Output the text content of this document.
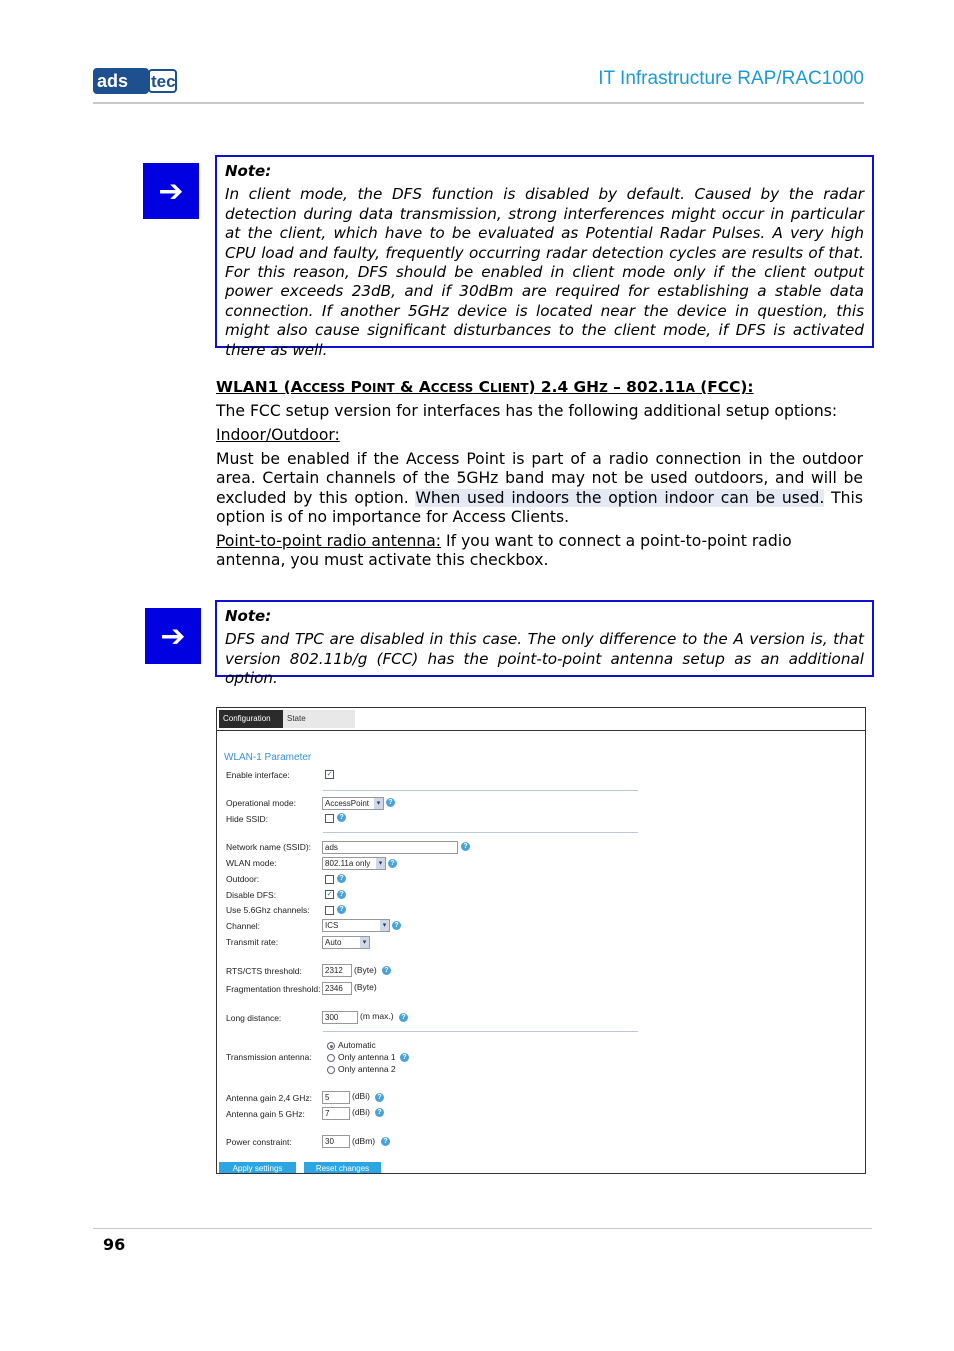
ads tec	IT Infrastructure RAP/RAC1000
➔
Note:
In client mode, the DFS function is disabled by default. Caused by the radar detection during data transmission, strong interferences might occur in particular at the client, which have to be evaluated as Potential Radar Pulses. A very high CPU load and faulty, frequently occurring radar detection cycles are results of that. For this reason, DFS should be enabled in client mode only if the client output power exceeds 23dB, and if 30dBm are required for establishing a stable data connection. If another 5GHz device is located near the device in question, this might also cause significant disturbances to the client mode, if DFS is activated there as well.
WLAN1 (ACCESS POINT & ACCESS CLIENT) 2.4 GHZ – 802.11A (FCC):
The FCC setup version for interfaces has the following additional setup options:
Indoor/Outdoor:
Must be enabled if the Access Point is part of a radio connection in the outdoor area. Certain channels of the 5GHz band may not be used outdoors, and will be excluded by this option. When used indoors the option indoor can be used. This option is of no importance for Access Clients.
Point-to-point radio antenna: If you want to connect a point-to-point radio antenna, you must activate this checkbox.
➔
Note:
DFS and TPC are disabled in this case. The only difference to the A version is, that version 802.11b/g (FCC) has the point-to-point antenna setup as an additional option.
Configuration	State
WLAN-1 Parameter
Enable interface:	✓
Operational mode:	AccessPoint	▾	?
Hide SSID:	?
Network name (SSID):	ads	?
WLAN mode:	802.11a only	▾	?
Outdoor:	?
Disable DFS:	✓ ?
Use 5.6Ghz channels:	?
Channel:	ICS	▾	?
Transmit rate:	Auto	▾
RTS/CTS threshold:	2312	(Byte)	?
Fragmentation threshold: 2346	(Byte)
Long distance:	300	(m max.)	?
Transmission antenna:
Automatic
Only antenna 1 ?
Only antenna 2
Antenna gain 2,4 GHz:	5	(dBi)	?
Antenna gain 5 GHz:	7	(dBi)	?
Power constraint:	30	(dBm)	?
Apply settings	Reset changes
96
